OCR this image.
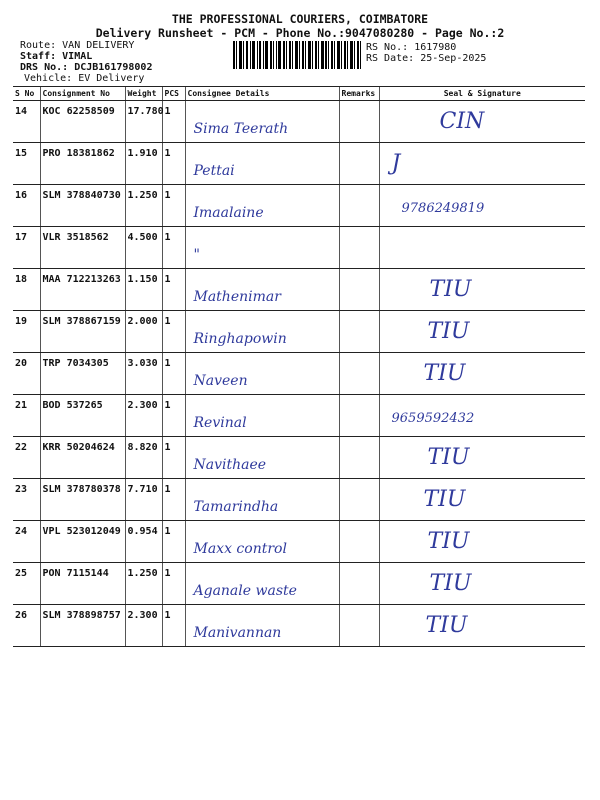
THE PROFESSIONAL COURIERS, COIMBATORE
Delivery Runsheet - PCM - Phone No.:9047080280 - Page No.:2
Route: VAN DELIVERY
Staff: VIMAL
DRS No.: DCJB161798002
Vehicle: EV Delivery
RS No.: 1617980
RS Date: 25-Sep-2025
S No	Consignment No	Weight	PCS	Consignee Details	Remarks	Seal & Signature

14	KOC 62258509	17.780	1	Sima Teerath		CIN

15	PRO 18381862	1.910	1	Pettai		J

16	SLM 378840730	1.250	1	Imaalaine		9786249819

17	VLR 3518562	4.500	1	"		

18	MAA 712213263	1.150	1	Mathenimar		TIU

19	SLM 378867159	2.000	1	Ringhapowin		TIU

20	TRP 7034305	3.030	1	Naveen		TIU

21	BOD 537265	2.300	1	Revinal		9659592432

22	KRR 50204624	8.820	1	Navithaee		TIU

23	SLM 378780378	7.710	1	Tamarindha		TIU

24	VPL 523012049	0.954	1	Maxx control		TIU

25	PON 7115144	1.250	1	Aganale waste		TIU

26	SLM 378898757	2.300	1	Manivannan		TIU
